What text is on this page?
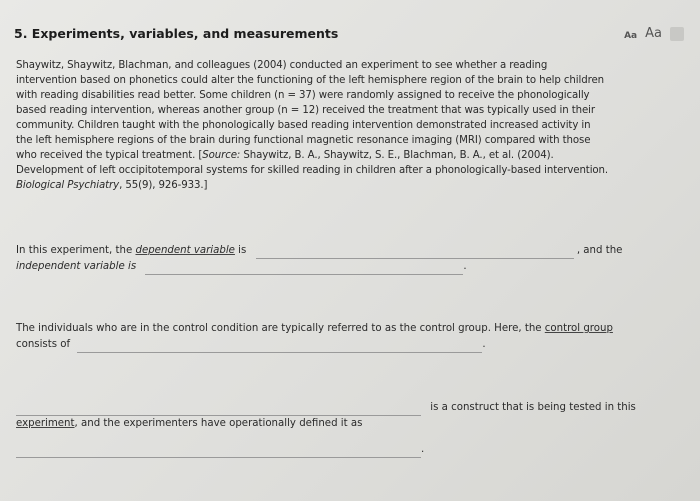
5. Experiments, variables, and measurements	Aa Aa

Shaywitz, Shaywitz, Blachman, and colleagues (2004) conducted an experiment to see whether a reading

intervention based on phonetics could alter the functioning of the left hemisphere region of the brain to help children

with reading disabilities read better. Some children (n = 37) were randomly assigned to receive the phonologically

based reading intervention, whereas another group (n = 12) received the treatment that was typically used in their

community. Children taught with the phonologically based reading intervention demonstrated increased activity in

the left hemisphere regions of the brain during functional magnetic resonance imaging (MRI) compared with those

who received the typical treatment. [Source: Shaywitz, B. A., Shaywitz, S. E., Blachman, B. A., et al. (2004).

Development of left occipitotemporal systems for skilled reading in children after a phonologically-based intervention.

Biological Psychiatry, 55(9), 926-933.]

In this experiment, the dependent variable is	, and the
independent variable is	.
The individuals who are in the control condition are typically referred to as the control group. Here, the control group
consists of	.
is a construct that is being tested in this
experiment, and the experimenters have operationally defined it as
.
